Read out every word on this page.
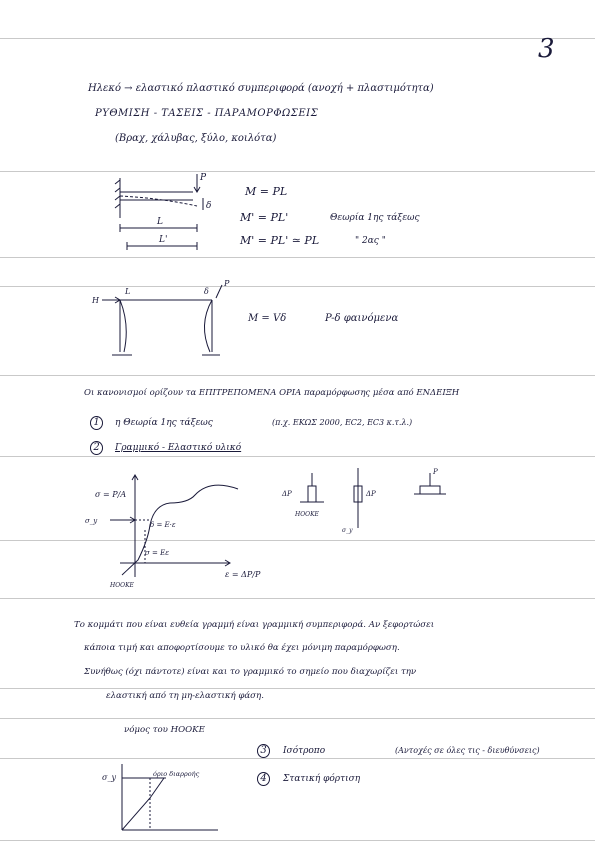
3
Ηλεκό → ελαστικό πλαστικό συμπεριφορά (ανοχή + πλαστιμότητα)
ΡΥΘΜΙΣΗ - ΤΑΣΕΙΣ - ΠΑΡΑΜΟΡΦΩΣΕΙΣ
(Βραχ, χάλυβας, ξύλο, κοιλότα)
P
δ
L
L'
M = PL
M' = PL'	Θεωρία 1ης τάξεως
M' = PL' ≃ PL	" 2ας "
H
L	δ
P
M = Vδ	P-δ φαινόμενα
Οι κανονισμοί ορίζουν τα ΕΠΙΤΡΕΠΟΜΕΝΑ ΟΡΙΑ παραμόρφωσης μέσα από ΕΝΔΕΙΞΗ
1	η Θεωρία 1ης τάξεως	(π.χ. ΕΚΩΣ 2000, ΕC2, ΕC3 κ.τ.λ.)
2	Γραμμικό - Ελαστικό υλικό
σ = P/A
σ_y	δ = E·ε
σ = Eε
HOOKE
ε = ΔP/P
ΔP
HOOKE
ΔP
σ_y
P
Το κομμάτι που είναι ευθεία γραμμή είναι γραμμική συμπεριφορά. Αν ξεφορτώσει
κάποια τιμή και αποφορτίσουμε το υλικό θα έχει μόνιμη παραμόρφωση.
Συνήθως (όχι πάντοτε) είναι και το γραμμικό το σημείο που διαχωρίζει την
ελαστική από τη μη-ελαστική φάση.
νόμος του HOOKE
3	Ισότροπο	(Αντοχές σε όλες τις - διευθύνσεις)
4	Στατική φόρτιση
σ_y	όριο διαρροής
